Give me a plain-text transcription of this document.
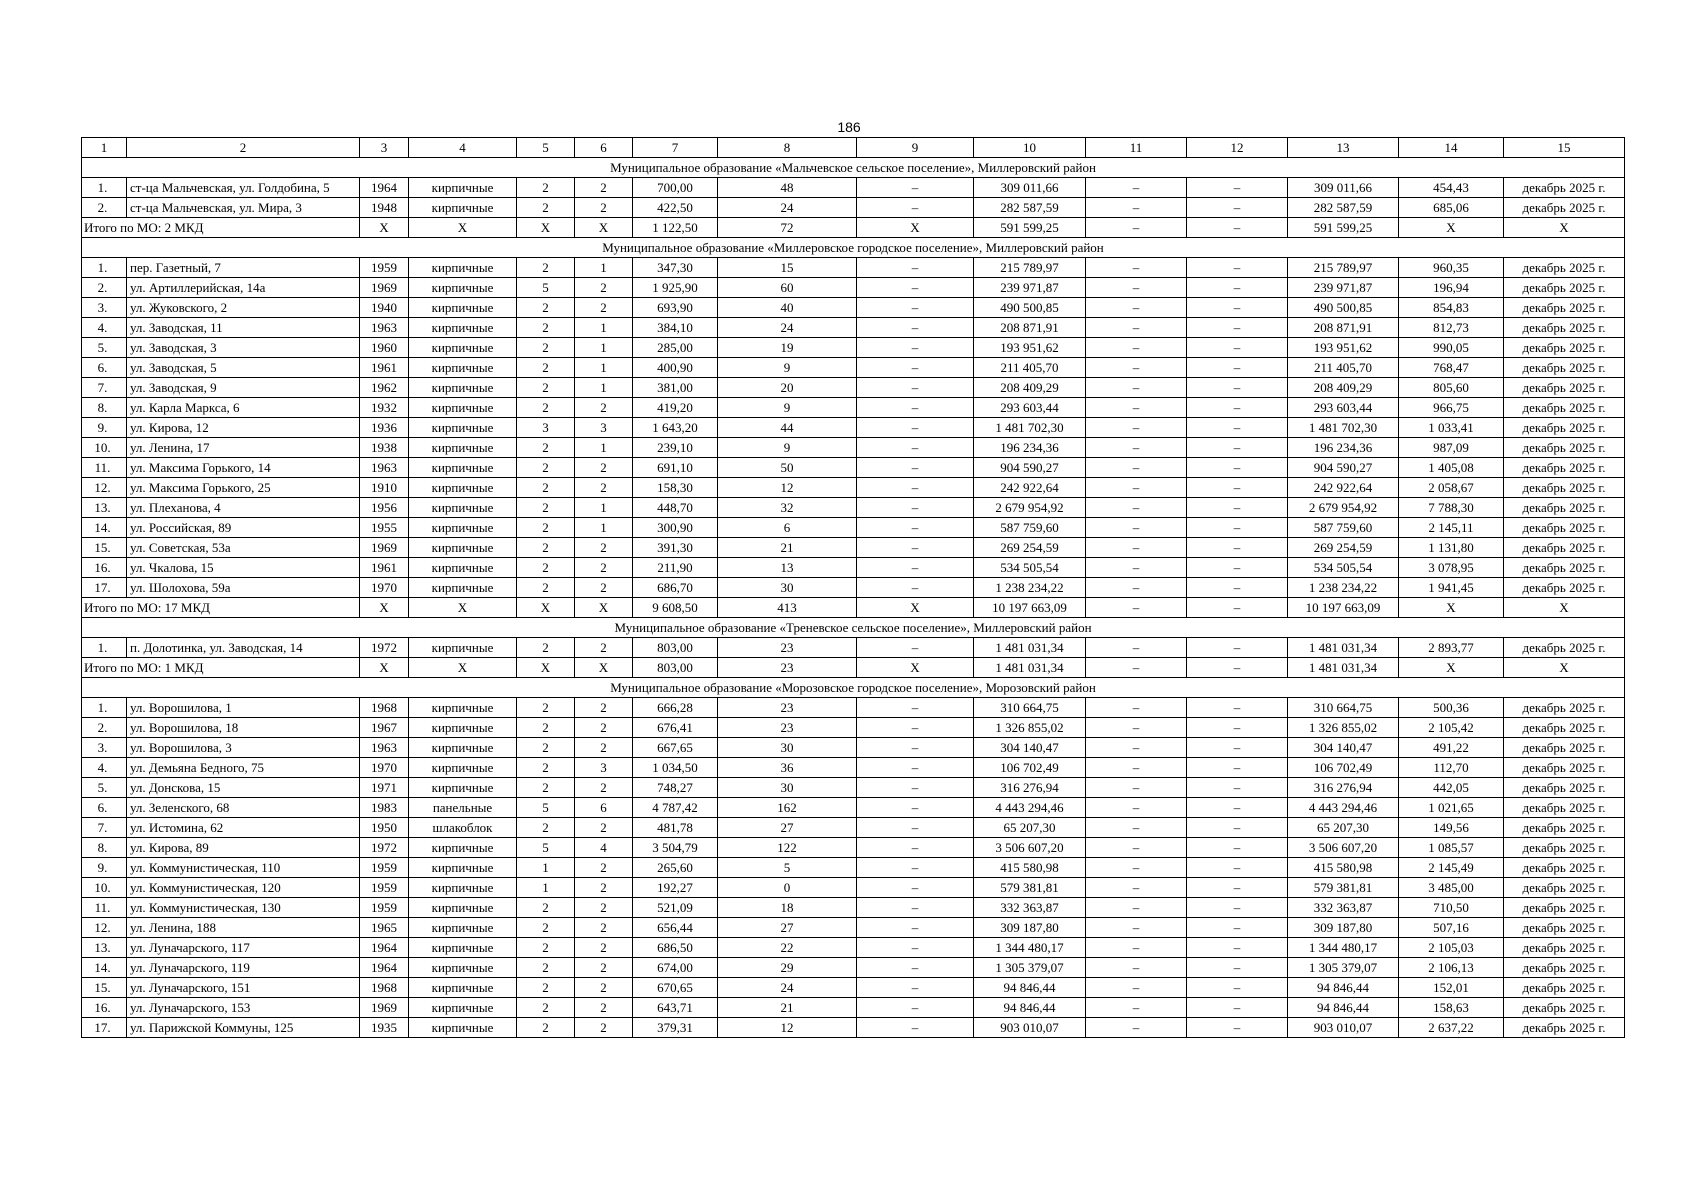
186
1	2	3	4	5	6	7	8	9	10	11	12	13	14	15
Муниципальное образование «Мальчевское сельское поселение», Миллеровский район														
1.	ст-ца Мальчевская, ул. Голдобина, 5	1964	кирпичные	2	2	700,00	48	–	309 011,66	–	–	309 011,66	454,43	декабрь 2025 г.
2.	ст-ца Мальчевская, ул. Мира, 3	1948	кирпичные	2	2	422,50	24	–	282 587,59	–	–	282 587,59	685,06	декабрь 2025 г.
Итого по МО: 2 МКД		X	X	X	X	1 122,50	72	X	591 599,25	–	–	591 599,25	X	X
Муниципальное образование «Миллеровское городское поселение», Миллеровский район														
1.	пер. Газетный, 7	1959	кирпичные	2	1	347,30	15	–	215 789,97	–	–	215 789,97	960,35	декабрь 2025 г.
2.	ул. Артиллерийская, 14а	1969	кирпичные	5	2	1 925,90	60	–	239 971,87	–	–	239 971,87	196,94	декабрь 2025 г.
3.	ул. Жуковского, 2	1940	кирпичные	2	2	693,90	40	–	490 500,85	–	–	490 500,85	854,83	декабрь 2025 г.
4.	ул. Заводская, 11	1963	кирпичные	2	1	384,10	24	–	208 871,91	–	–	208 871,91	812,73	декабрь 2025 г.
5.	ул. Заводская, 3	1960	кирпичные	2	1	285,00	19	–	193 951,62	–	–	193 951,62	990,05	декабрь 2025 г.
6.	ул. Заводская, 5	1961	кирпичные	2	1	400,90	9	–	211 405,70	–	–	211 405,70	768,47	декабрь 2025 г.
7.	ул. Заводская, 9	1962	кирпичные	2	1	381,00	20	–	208 409,29	–	–	208 409,29	805,60	декабрь 2025 г.
8.	ул. Карла Маркса, 6	1932	кирпичные	2	2	419,20	9	–	293 603,44	–	–	293 603,44	966,75	декабрь 2025 г.
9.	ул. Кирова, 12	1936	кирпичные	3	3	1 643,20	44	–	1 481 702,30	–	–	1 481 702,30	1 033,41	декабрь 2025 г.
10.	ул. Ленина, 17	1938	кирпичные	2	1	239,10	9	–	196 234,36	–	–	196 234,36	987,09	декабрь 2025 г.
11.	ул. Максима Горького, 14	1963	кирпичные	2	2	691,10	50	–	904 590,27	–	–	904 590,27	1 405,08	декабрь 2025 г.
12.	ул. Максима Горького, 25	1910	кирпичные	2	2	158,30	12	–	242 922,64	–	–	242 922,64	2 058,67	декабрь 2025 г.
13.	ул. Плеханова, 4	1956	кирпичные	2	1	448,70	32	–	2 679 954,92	–	–	2 679 954,92	7 788,30	декабрь 2025 г.
14.	ул. Российская, 89	1955	кирпичные	2	1	300,90	6	–	587 759,60	–	–	587 759,60	2 145,11	декабрь 2025 г.
15.	ул. Советская, 53а	1969	кирпичные	2	2	391,30	21	–	269 254,59	–	–	269 254,59	1 131,80	декабрь 2025 г.
16.	ул. Чкалова, 15	1961	кирпичные	2	2	211,90	13	–	534 505,54	–	–	534 505,54	3 078,95	декабрь 2025 г.
17.	ул. Шолохова, 59а	1970	кирпичные	2	2	686,70	30	–	1 238 234,22	–	–	1 238 234,22	1 941,45	декабрь 2025 г.
Итого по МО: 17 МКД		X	X	X	X	9 608,50	413	X	10 197 663,09	–	–	10 197 663,09	X	X
Муниципальное образование «Треневское сельское поселение», Миллеровский район														
1.	п. Долотинка, ул. Заводская, 14	1972	кирпичные	2	2	803,00	23	–	1 481 031,34	–	–	1 481 031,34	2 893,77	декабрь 2025 г.
Итого по МО: 1 МКД		X	X	X	X	803,00	23	X	1 481 031,34	–	–	1 481 031,34	X	X
Муниципальное образование «Морозовское городское поселение», Морозовский район														
1.	ул. Ворошилова, 1	1968	кирпичные	2	2	666,28	23	–	310 664,75	–	–	310 664,75	500,36	декабрь 2025 г.
2.	ул. Ворошилова, 18	1967	кирпичные	2	2	676,41	23	–	1 326 855,02	–	–	1 326 855,02	2 105,42	декабрь 2025 г.
3.	ул. Ворошилова, 3	1963	кирпичные	2	2	667,65	30	–	304 140,47	–	–	304 140,47	491,22	декабрь 2025 г.
4.	ул. Демьяна Бедного, 75	1970	кирпичные	2	3	1 034,50	36	–	106 702,49	–	–	106 702,49	112,70	декабрь 2025 г.
5.	ул. Донскова, 15	1971	кирпичные	2	2	748,27	30	–	316 276,94	–	–	316 276,94	442,05	декабрь 2025 г.
6.	ул. Зеленского, 68	1983	панельные	5	6	4 787,42	162	–	4 443 294,46	–	–	4 443 294,46	1 021,65	декабрь 2025 г.
7.	ул. Истомина, 62	1950	шлакоблок	2	2	481,78	27	–	65 207,30	–	–	65 207,30	149,56	декабрь 2025 г.
8.	ул. Кирова, 89	1972	кирпичные	5	4	3 504,79	122	–	3 506 607,20	–	–	3 506 607,20	1 085,57	декабрь 2025 г.
9.	ул. Коммунистическая, 110	1959	кирпичные	1	2	265,60	5	–	415 580,98	–	–	415 580,98	2 145,49	декабрь 2025 г.
10.	ул. Коммунистическая, 120	1959	кирпичные	1	2	192,27	0	–	579 381,81	–	–	579 381,81	3 485,00	декабрь 2025 г.
11.	ул. Коммунистическая, 130	1959	кирпичные	2	2	521,09	18	–	332 363,87	–	–	332 363,87	710,50	декабрь 2025 г.
12.	ул. Ленина, 188	1965	кирпичные	2	2	656,44	27	–	309 187,80	–	–	309 187,80	507,16	декабрь 2025 г.
13.	ул. Луначарского, 117	1964	кирпичные	2	2	686,50	22	–	1 344 480,17	–	–	1 344 480,17	2 105,03	декабрь 2025 г.
14.	ул. Луначарского, 119	1964	кирпичные	2	2	674,00	29	–	1 305 379,07	–	–	1 305 379,07	2 106,13	декабрь 2025 г.
15.	ул. Луначарского, 151	1968	кирпичные	2	2	670,65	24	–	94 846,44	–	–	94 846,44	152,01	декабрь 2025 г.
16.	ул. Луначарского, 153	1969	кирпичные	2	2	643,71	21	–	94 846,44	–	–	94 846,44	158,63	декабрь 2025 г.
17.	ул. Парижской Коммуны, 125	1935	кирпичные	2	2	379,31	12	–	903 010,07	–	–	903 010,07	2 637,22	декабрь 2025 г.
